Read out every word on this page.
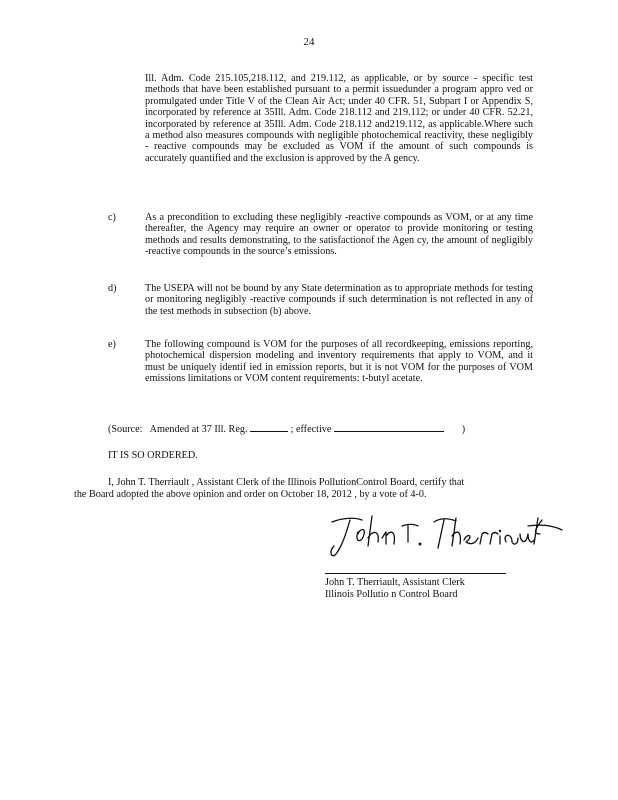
24
Ill. Adm. Code 215.105,218.112, and 219.112, as applicable, or by source - specific test methods that have been established pursuant to a permit issuedunder a program appro ved or promulgated under Title V of the Clean Air Act; under 40 CFR. 51, Subpart I or Appendix S, incorporated by reference at 35Ill. Adm. Code 218.112 and 219.112; or under 40 CFR. 52.21, incorporated by reference at 35Ill. Adm. Code 218.112 and219.112, as applicable.Where such a method also measures compounds with negligible photochemical reactivity, these negligibly - reactive compounds may be excluded as VOM if the amount of such compounds is accurately quantified and the exclusion is approved by the A gency.
c)	As a precondition to excluding these negligibly -reactive compounds as VOM, or at any time thereafter, the Agency may require an owner or operator to provide monitoring or testing methods and results demonstrating, to the satisfactionof the Agen cy, the amount of negligibly -reactive compounds in the source’s emissions.
d)	The USEPA will not be bound by any State determination as to appropriate methods for testing or monitoring negligibly -reactive compounds if such determination is not reflected in any of the test methods in subsection (b) above.
e)	The following compound is VOM for the purposes of all recordkeeping, emissions reporting, photochemical dispersion modeling and inventory requirements that apply to VOM, and it must be uniquely identif ied in emission reports, but it is not VOM for the purposes of VOM emissions limitations or VOM content requirements: t-butyl acetate.
(Source: Amended at 37 Ill. Reg.	; effective	)
IT IS SO ORDERED.
I, John T. Therriault , Assistant Clerk of the Illinois PollutionControl Board, certify that
the Board adopted the above opinion and order on October 18, 2012 , by a vote of 4-0.
John T. Therriault, Assistant Clerk
Illinois Pollutio n Control Board
